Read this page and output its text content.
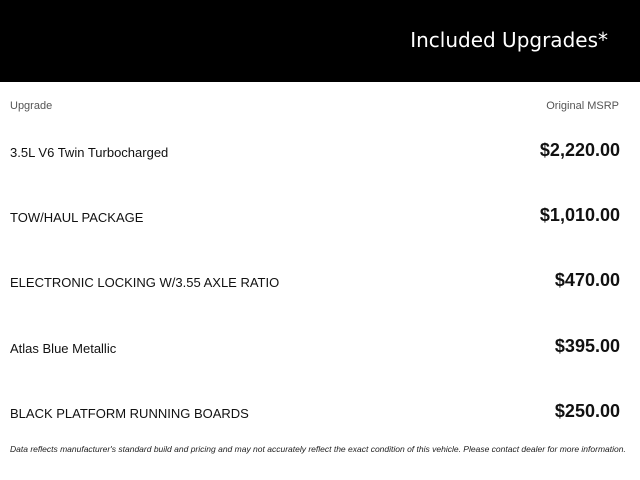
Included Upgrades*
Upgrade	Original MSRP
3.5L V6 Twin Turbocharged	$2,220.00
TOW/HAUL PACKAGE	$1,010.00
ELECTRONIC LOCKING W/3.55 AXLE RATIO	$470.00
Atlas Blue Metallic	$395.00
BLACK PLATFORM RUNNING BOARDS	$250.00
Data reflects manufacturer's standard build and pricing and may not accurately reflect the exact condition of this vehicle. Please contact dealer for more information.
